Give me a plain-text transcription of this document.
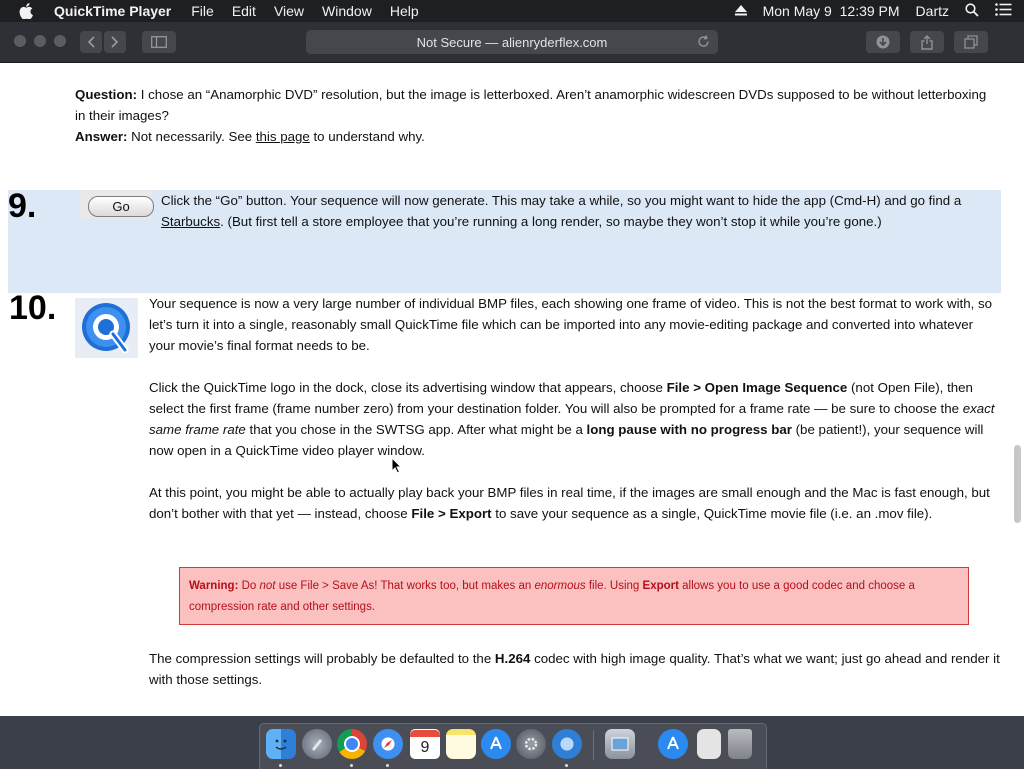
QuickTime Player File Edit View Window Help	Mon May 9  12:39 PM Dartz
Not Secure — alienryderflex.com
Question: I chose an “Anamorphic DVD” resolution, but the image is letterboxed. Aren’t anamorphic widescreen DVDs supposed to be without letterboxing in their images?
Answer: Not necessarily. See this page to understand why.
9.	Go	Click the “Go” button. Your sequence will now generate. This may take a while, so you might want to hide the app (Cmd-H) and go find a Starbucks. (But first tell a store employee that you’re running a long render, so maybe they won’t stop it while you’re gone.)
10.	Your sequence is now a very large number of individual BMP files, each showing one frame of video. This is not the best format to work with, so let’s turn it into a single, reasonably small QuickTime file which can be imported into any movie-editing package and converted into whatever your movie’s final format needs to be.
Click the QuickTime logo in the dock, close its advertising window that appears, choose File > Open Image Sequence (not Open File), then select the first frame (frame number zero) from your destination folder. You will also be prompted for a frame rate — be sure to choose the exact same frame rate that you chose in the SWTSG app. After what might be a long pause with no progress bar (be patient!), your sequence will now open in a QuickTime video player window.
At this point, you might be able to actually play back your BMP files in real time, if the images are small enough and the Mac is fast enough, but don’t bother with that yet — instead, choose File > Export to save your sequence as a single, QuickTime movie file (i.e. an .mov file).
Warning: Do not use File > Save As! That works too, but makes an enormous file. Using Export allows you to use a good codec and choose a compression rate and other settings.
The compression settings will probably be defaulted to the H.264 codec with high image quality. That’s what we want; just go ahead and render it with those settings.
9
